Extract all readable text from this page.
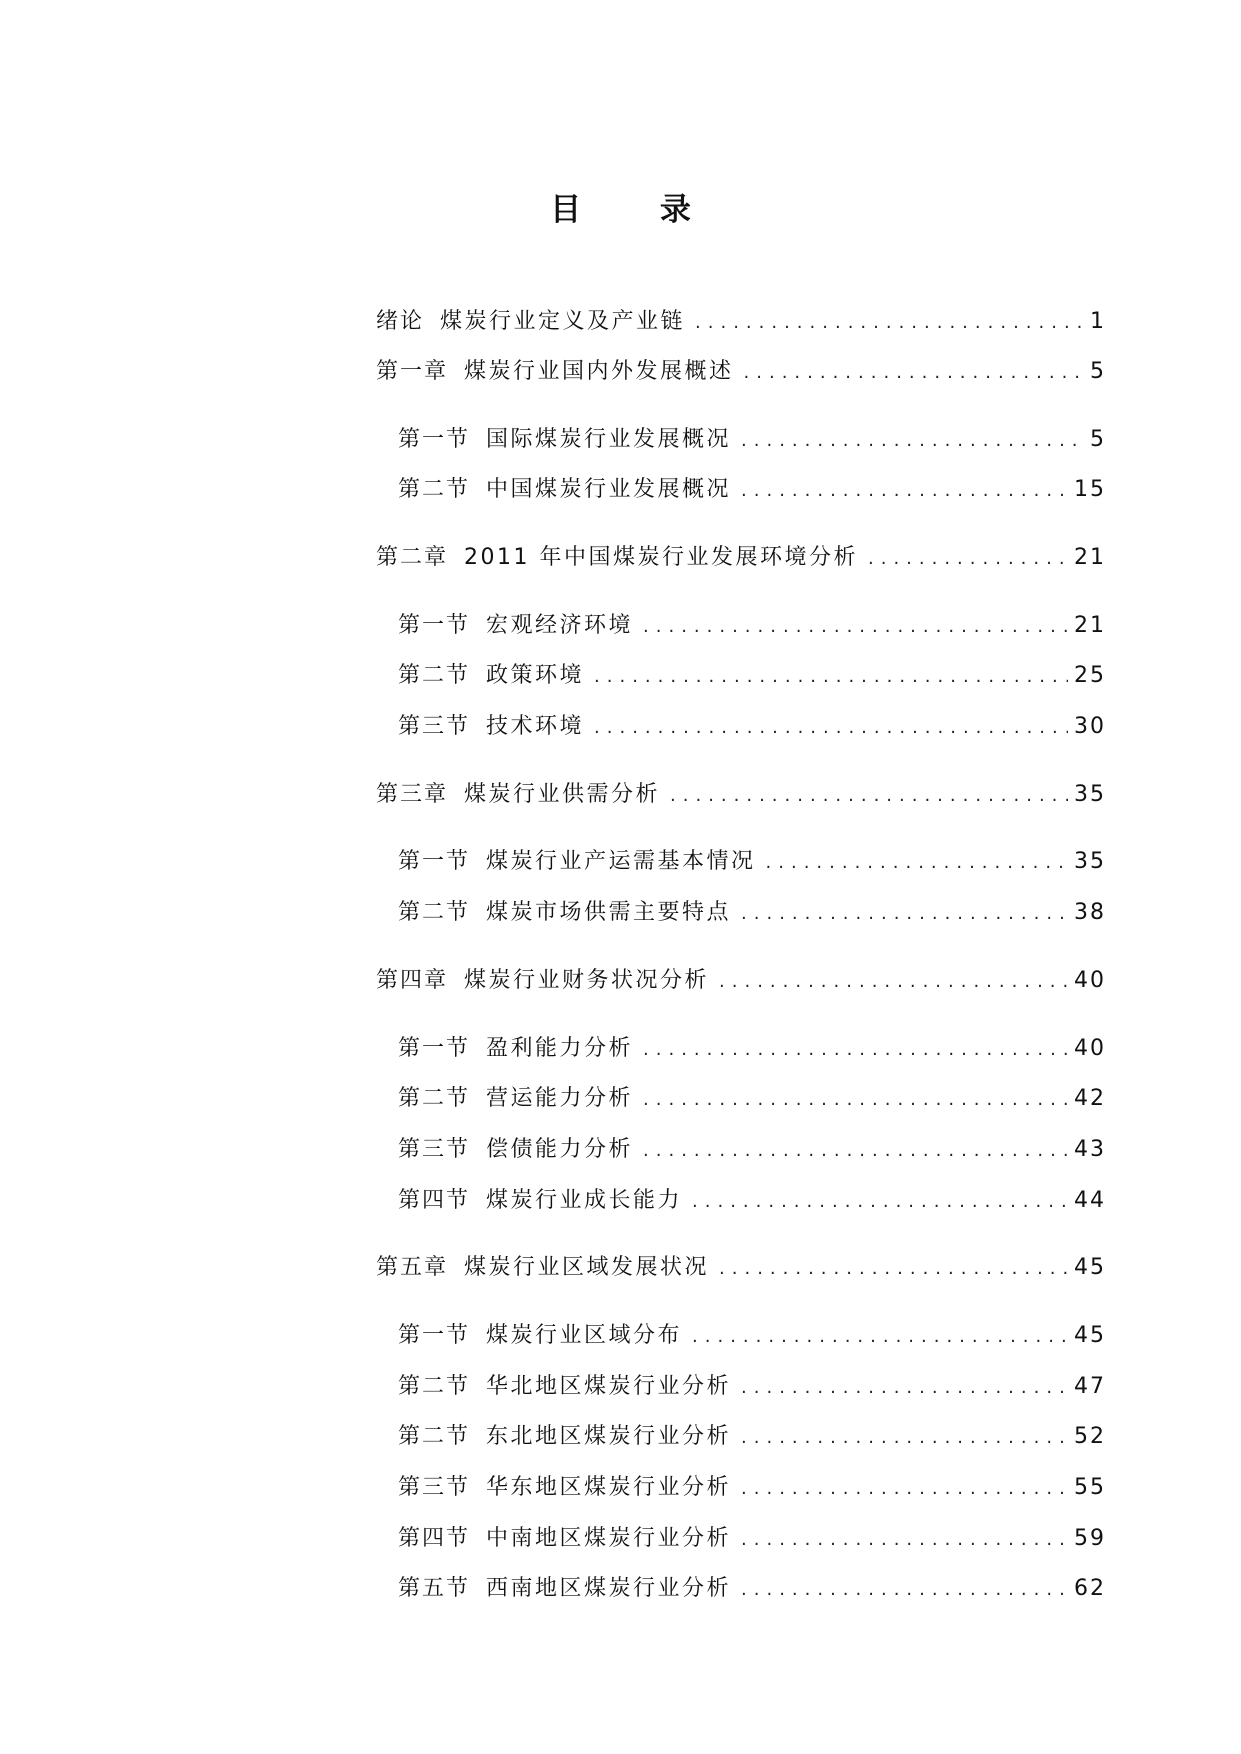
目 录
绪论 煤炭行业定义及产业链 .....	1
第一章 煤炭行业国内外发展概述 .....	5
第一节 国际煤炭行业发展概况 .....	5
第二节 中国煤炭行业发展概况 .....	15
第二章 2011 年中国煤炭行业发展环境分析 .....	21
第一节 宏观经济环境 .....	21
第二节 政策环境 .....	25
第三节 技术环境 .....	30
第三章 煤炭行业供需分析 .....	35
第一节 煤炭行业产运需基本情况 .....	35
第二节 煤炭市场供需主要特点 .....	38
第四章 煤炭行业财务状况分析 .....	40
第一节 盈利能力分析 .....	40
第二节 营运能力分析 .....	42
第三节 偿债能力分析 .....	43
第四节 煤炭行业成长能力 .....	44
第五章 煤炭行业区域发展状况 .....	45
第一节 煤炭行业区域分布 .....	45
第二节 华北地区煤炭行业分析 .....	47
第二节 东北地区煤炭行业分析 .....	52
第三节 华东地区煤炭行业分析 .....	55
第四节 中南地区煤炭行业分析 .....	59
第五节 西南地区煤炭行业分析 .....	62
